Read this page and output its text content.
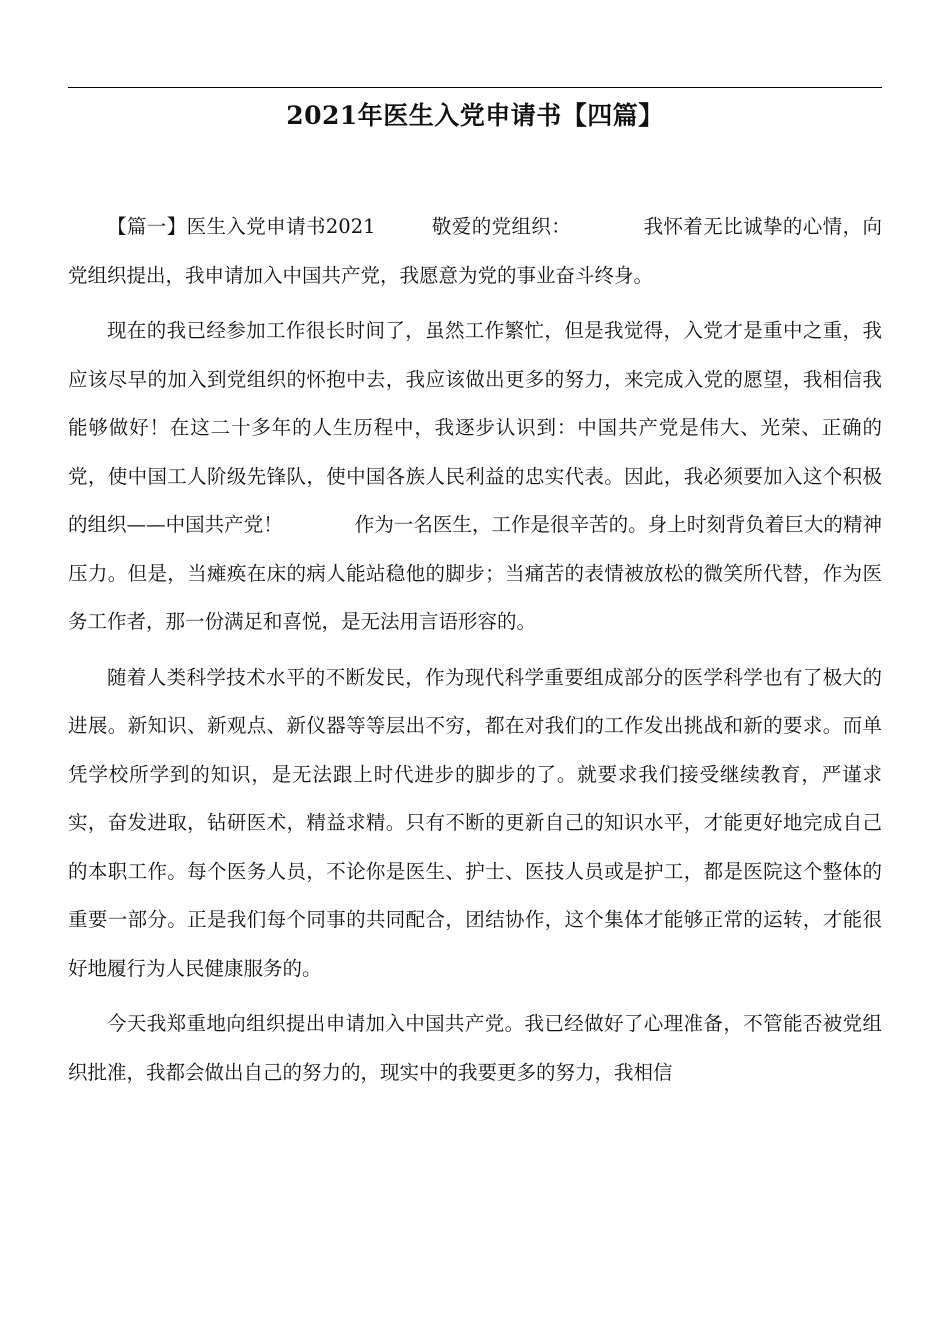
2021年医生入党申请书【四篇】

【篇一】医生入党申请书2021	敬爱的党组织：	我怀着无比诚挚的心情，向党组织提出，我申请加入中国共产党，我愿意为党的事业奋斗终身。

现在的我已经参加工作很长时间了，虽然工作繁忙，但是我觉得，入党才是重中之重，我应该尽早的加入到党组织的怀抱中去，我应该做出更多的努力，来完成入党的愿望，我相信我能够做好！在这二十多年的人生历程中，我逐步认识到：中国共产党是伟大、光荣、正确的党，使中国工人阶级先锋队，使中国各族人民利益的忠实代表。因此，我必须要加入这个积极的组织——中国共产党！	作为一名医生，工作是很辛苦的。身上时刻背负着巨大的精神压力。但是，当瘫痪在床的病人能站稳他的脚步；当痛苦的表情被放松的微笑所代替，作为医务工作者，那一份满足和喜悦，是无法用言语形容的。

随着人类科学技术水平的不断发民，作为现代科学重要组成部分的医学科学也有了极大的进展。新知识、新观点、新仪器等等层出不穷，都在对我们的工作发出挑战和新的要求。而单凭学校所学到的知识，是无法跟上时代进步的脚步的了。就要求我们接受继续教育，严谨求实，奋发进取，钻研医术，精益求精。只有不断的更新自己的知识水平，才能更好地完成自己的本职工作。每个医务人员，不论你是医生、护士、医技人员或是护工，都是医院这个整体的重要一部分。正是我们每个同事的共同配合，团结协作，这个集体才能够正常的运转，才能很好地履行为人民健康服务的。

今天我郑重地向组织提出申请加入中国共产党。我已经做好了心理准备，不管能否被党组织批准，我都会做出自己的努力的，现实中的我要更多的努力，我相信
